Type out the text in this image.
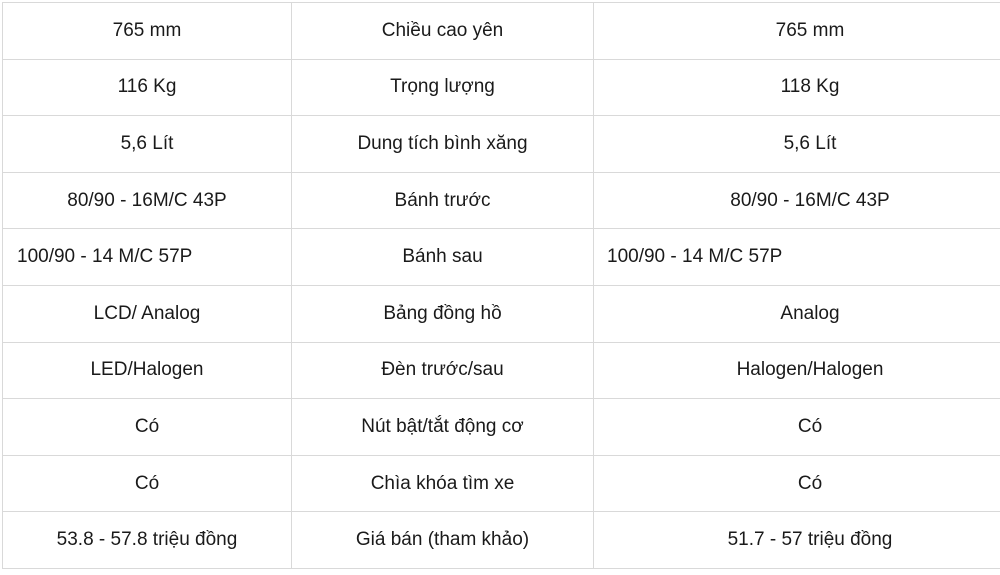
765 mm	Chiều cao yên	765 mm
116 Kg	Trọng lượng	118 Kg
5,6 Lít	Dung tích bình xăng	5,6 Lít
80/90 - 16M/C 43P	Bánh trước	80/90 - 16M/C 43P
100/90 - 14 M/C 57P	Bánh sau	100/90 - 14 M/C 57P
LCD/ Analog	Bảng đồng hồ	Analog
LED/Halogen	Đèn trước/sau	Halogen/Halogen
Có	Nút bật/tắt động cơ	Có
Có	Chìa khóa tìm xe	Có
53.8 - 57.8 triệu đồng	Giá bán (tham khảo)	51.7 - 57 triệu đồng
